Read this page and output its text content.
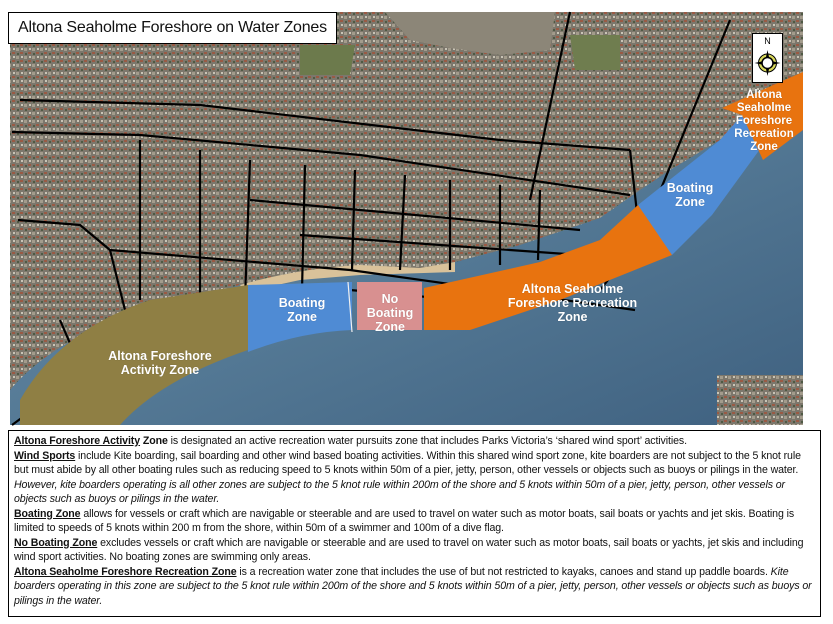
Altona Seaholme Foreshore on Water Zones
N
Altona Foreshore
Activity Zone
Boating
Zone
No
Boating
Zone
Altona Seaholme
Foreshore Recreation
Zone
Boating
Zone
Altona
Seaholme
Foreshore
Recreation
Zone

Altona Foreshore Activity Zone is designated an active recreation water pursuits zone that includes Parks Victoria’s ‘shared wind sport’ activities.

Wind Sports include Kite boarding, sail boarding and other wind based boating activities. Within this shared wind sport zone, kite boarders are not subject to the 5 knot rule but must abide by all other boating rules such as reducing speed to 5 knots within 50m of a pier, jetty, person, other vessels or objects such as buoys or pilings in the water. However, kite boarders operating is all other zones are subject to the 5 knot rule within 200m of the shore and 5 knots within 50m of a pier, jetty, person, other vessels or objects such as buoys or pilings in the water.

Boating Zone allows for vessels or craft which are navigable or steerable and are used to travel on water such as motor boats, sail boats or yachts and jet skis. Boating is limited to speeds of 5 knots within 200 m from the shore, within 50m of a swimmer and 100m of a dive flag.

No Boating Zone excludes vessels or craft which are navigable or steerable and are used to travel on water such as motor boats, sail boats or yachts, jet skis and including wind sport activities. No boating zones are swimming only areas.

Altona Seaholme Foreshore Recreation Zone is a recreation water zone that includes the use of but not restricted to kayaks, canoes and stand up paddle boards. Kite boarders operating in this zone are subject to the 5 knot rule within 200m of the shore and 5 knots within 50m of a pier, jetty, person, other vessels or objects such as buoys or pilings in the water.
